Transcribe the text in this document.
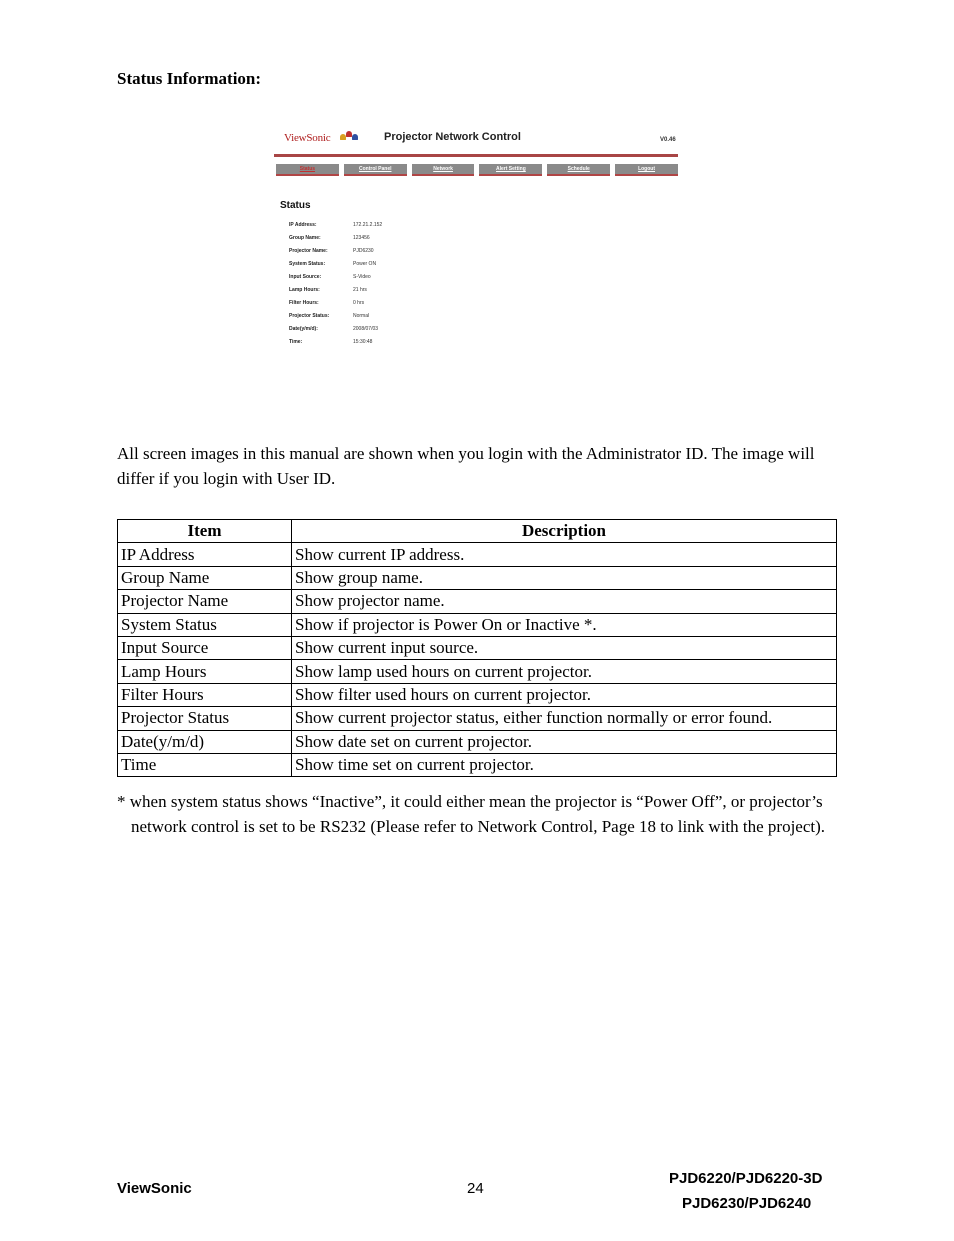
Status Information:
ViewSonic	Projector Network Control	V0.46
Status	Control Panel	Network	Alert Setting	Schedule	Logout
Status
IP Address:	172.21.2.152
Group Name:	123456
Projector Name:	PJD6230
System Status:	Power ON
Input Source:	S-Video
Lamp Hours:	21 hrs
Filter Hours:	0 hrs
Projector Status:	Normal
Date(y/m/d):	2008/07/03
Time:	15:30:48
All screen images in this manual are shown when you login with the Administrator ID. The image will differ if you login with User ID.
Item	Description
IP Address	Show current IP address.
Group Name	Show group name.
Projector Name	Show projector name.
System Status	Show if projector is Power On or Inactive *.
Input Source	Show current input source.
Lamp Hours	Show lamp used hours on current projector.
Filter Hours	Show filter used hours on current projector.
Projector Status	Show current projector status, either function normally or error found.
Date(y/m/d)	Show date set on current projector.
Time	Show time set on current projector.
* when system status shows “Inactive”, it could either mean the projector is “Power Off”, or projector’s network control is set to be RS232 (Please refer to Network Control, Page 18 to link with the project).
ViewSonic	24
PJD6220/PJD6220-3D
PJD6230/PJD6240
